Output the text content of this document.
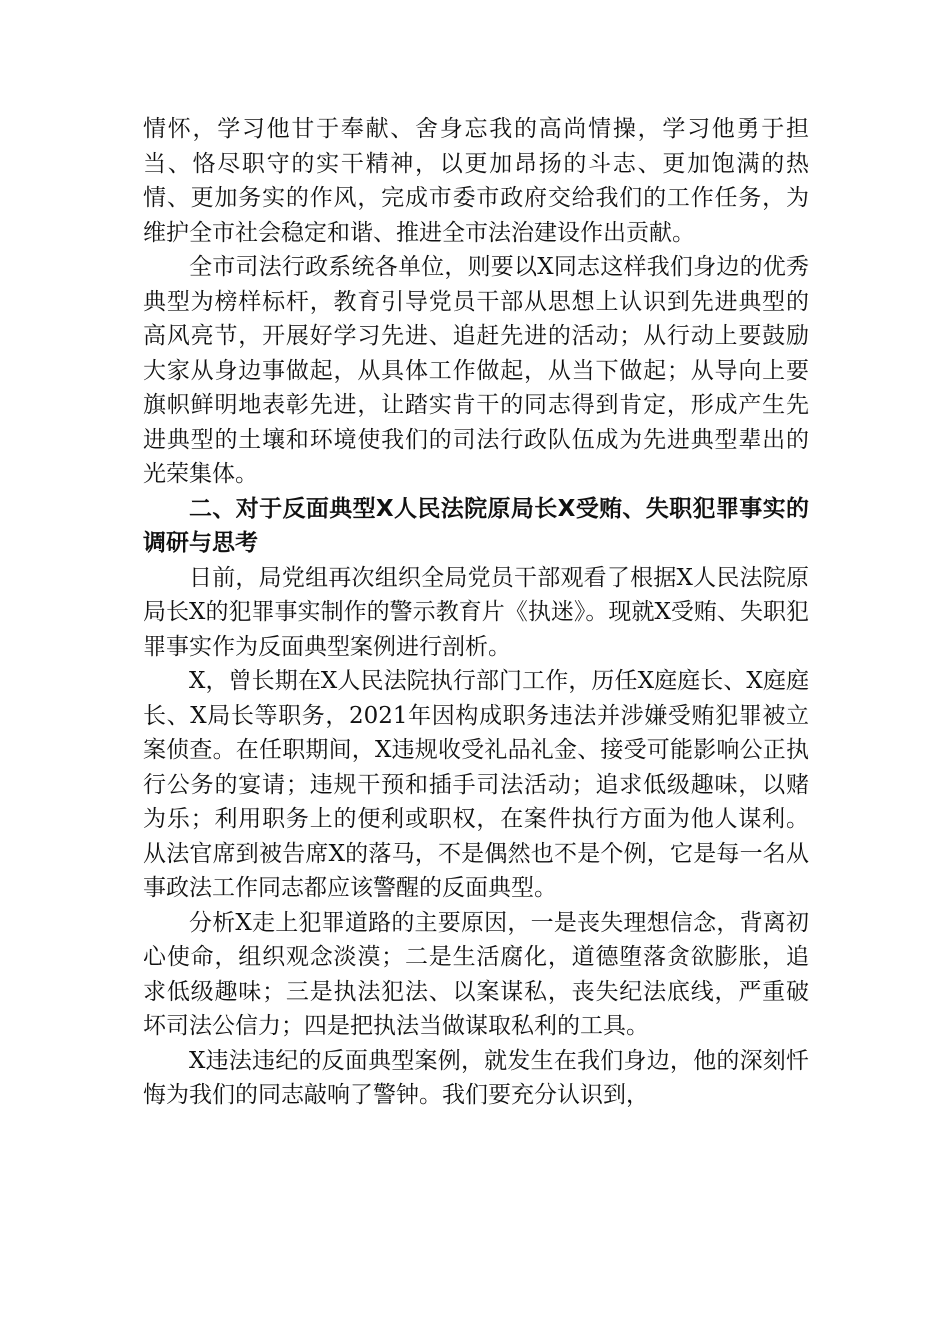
情怀，学习他甘于奉献、舍身忘我的高尚情操，学习他勇于担当、恪尽职守的实干精神，以更加昂扬的斗志、更加饱满的热情、更加务实的作风，完成市委市政府交给我们的工作任务，为维护全市社会稳定和谐、推进全市法治建设作出贡献。

全市司法行政系统各单位，则要以X同志这样我们身边的优秀典型为榜样标杆，教育引导党员干部从思想上认识到先进典型的高风亮节，开展好学习先进、追赶先进的活动；从行动上要鼓励大家从身边事做起，从具体工作做起，从当下做起；从导向上要旗帜鲜明地表彰先进，让踏实肯干的同志得到肯定，形成产生先进典型的土壤和环境使我们的司法行政队伍成为先进典型辈出的光荣集体。

二、对于反面典型X人民法院原局长X受贿、失职犯罪事实的调研与思考

日前，局党组再次组织全局党员干部观看了根据X人民法院原局长X的犯罪事实制作的警示教育片《执迷》。现就X受贿、失职犯罪事实作为反面典型案例进行剖析。

X，曾长期在X人民法院执行部门工作，历任X庭庭长、X庭庭长、X局长等职务，2021年因构成职务违法并涉嫌受贿犯罪被立案侦查。在任职期间，X违规收受礼品礼金、接受可能影响公正执行公务的宴请；违规干预和插手司法活动；追求低级趣味，以赌为乐；利用职务上的便利或职权，在案件执行方面为他人谋利。从法官席到被告席X的落马，不是偶然也不是个例，它是每一名从事政法工作同志都应该警醒的反面典型。

分析X走上犯罪道路的主要原因，一是丧失理想信念，背离初心使命，组织观念淡漠；二是生活腐化，道德堕落贪欲膨胀，追求低级趣味；三是执法犯法、以案谋私，丧失纪法底线，严重破坏司法公信力；四是把执法当做谋取私利的工具。

X违法违纪的反面典型案例，就发生在我们身边，他的深刻忏悔为我们的同志敲响了警钟。我们要充分认识到，
